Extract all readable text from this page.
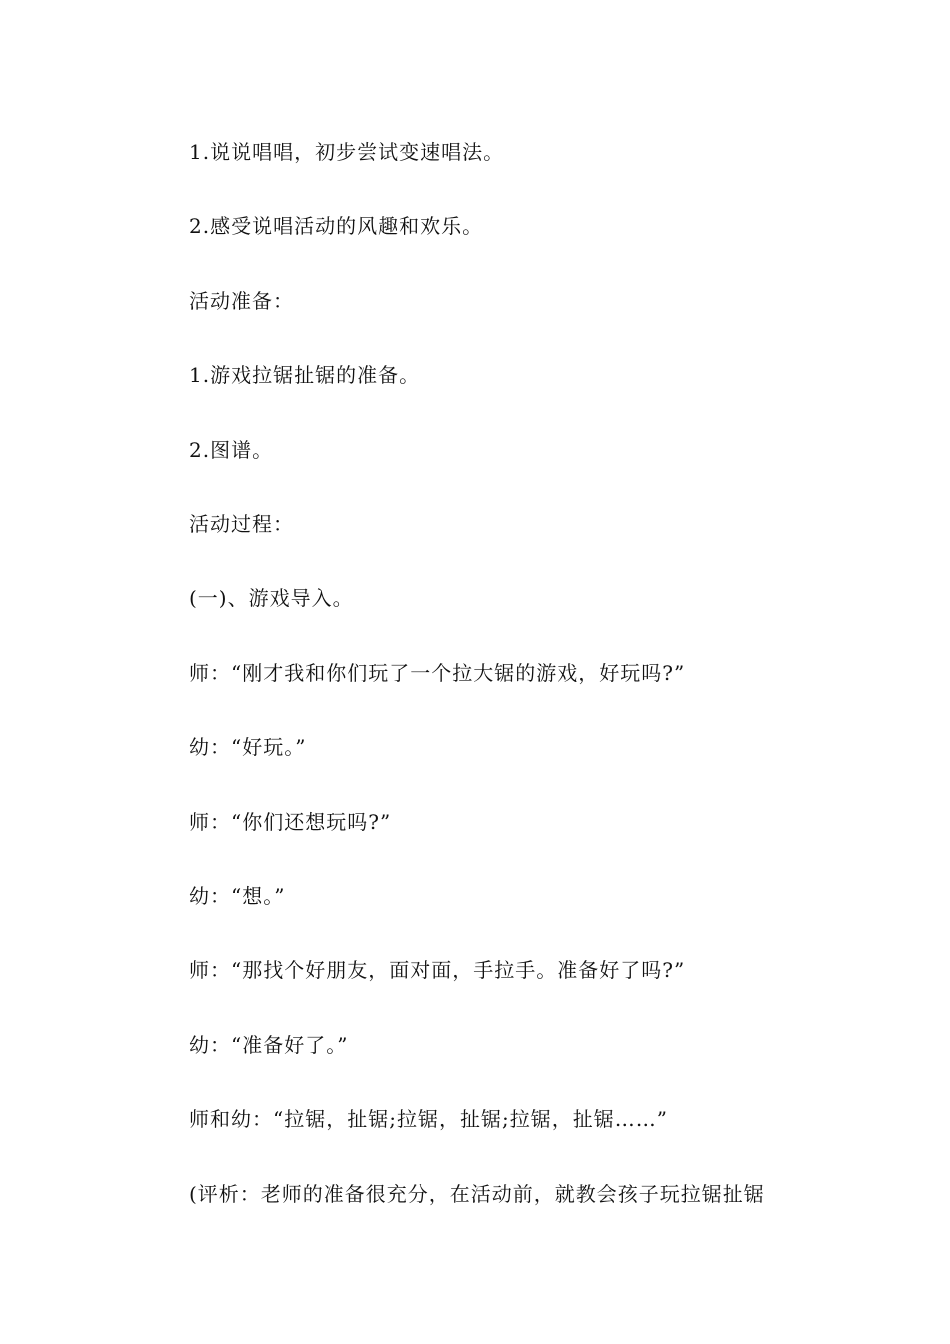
1.说说唱唱，初步尝试变速唱法。

2.感受说唱活动的风趣和欢乐。

活动准备：

1.游戏拉锯扯锯的准备。

2.图谱。

活动过程：

(一)、游戏导入。

师：“刚才我和你们玩了一个拉大锯的游戏，好玩吗?”

幼：“好玩。”

师：“你们还想玩吗?”

幼：“想。”

师：“那找个好朋友，面对面，手拉手。准备好了吗?”

幼：“准备好了。”

师和幼：“拉锯，扯锯;拉锯，扯锯;拉锯，扯锯……”

(评析：老师的准备很充分，在活动前，就教会孩子玩拉锯扯锯
